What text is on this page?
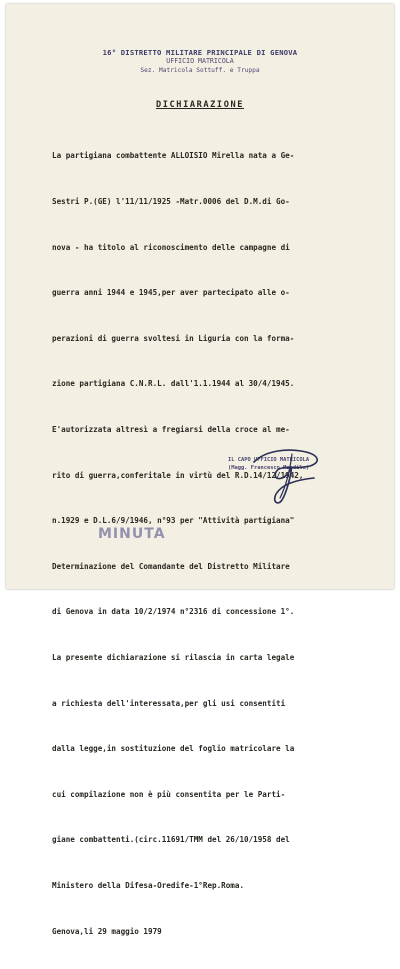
16° DISTRETTO MILITARE PRINCIPALE DI GENOVA
UFFICIO MATRICOLA
Sez. Matricola Sottuff. e Truppa
DICHIARAZIONE

La partigiana combattente ALLOISIO Mirella nata a Ge-

Sestri P.(GE) l'11/11/1925 -Matr.0006 del D.M.di Go-

nova - ha titolo al riconoscimento delle campagne di

guerra anni 1944 e 1945,per aver partecipato alle o-

perazioni di guerra svoltesi in Liguria con la forma-

zione partigiana C.N.R.L. dall'1.1.1944 al 30/4/1945.

E'autorizzata altresì a fregiarsi della croce al me-

rito di guerra,conferitale in virtù del R.D.14/12/1942,

n.1929 e D.L.6/9/1946, n°93 per "Attività partigiana"

Determinazione del Comandante del Distretto Militare

di Genova in data 10/2/1974 n°2316 di concessione 1°.

La presente dichiarazione si rilascia in carta legale

a richiesta dell'interessata,per gli usi consentiti

dalla legge,in sostituzione del foglio matricolare la

cui compilazione non è più consentita per le Parti-

giane combattenti.(circ.11691/TMM del 26/10/1958 del

Ministero della Difesa-Oredife-1°Rep.Roma.

Genova,li 29 maggio 1979

IL CAPO UFFICIO MATRICOLA
(Magg. Francesco Mandile)
MINUTA
